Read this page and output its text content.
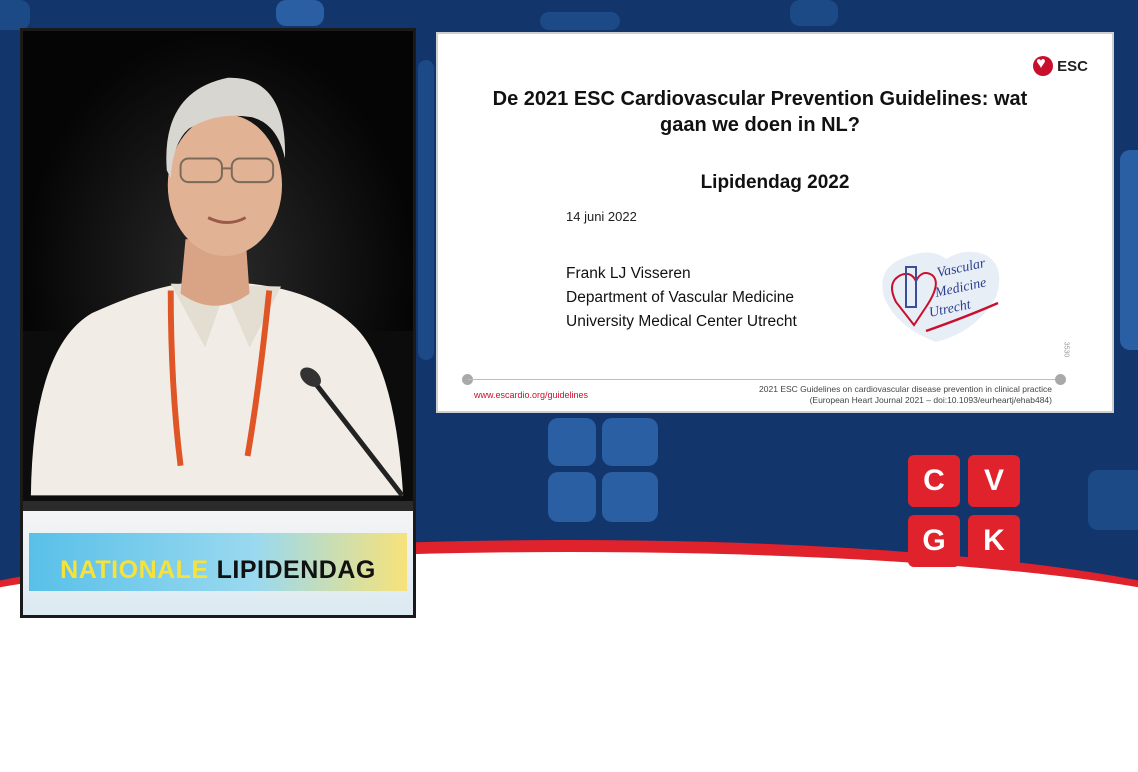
NATIONALE LIPIDENDAG
♥
ESC
De 2021 ESC Cardiovascular Prevention Guidelines: wat gaan we doen in NL?
Lipidendag 2022
14 juni 2022
Frank LJ Visseren
Department of Vascular Medicine
University Medical Center Utrecht
Vascular
Medicine
Utrecht
3530
www.escardio.org/guidelines
2021 ESC Guidelines on cardiovascular disease prevention in clinical practice
(European Heart Journal 2021 – doi:10.1093/eurheartj/ehab484)
C	V
G	K
